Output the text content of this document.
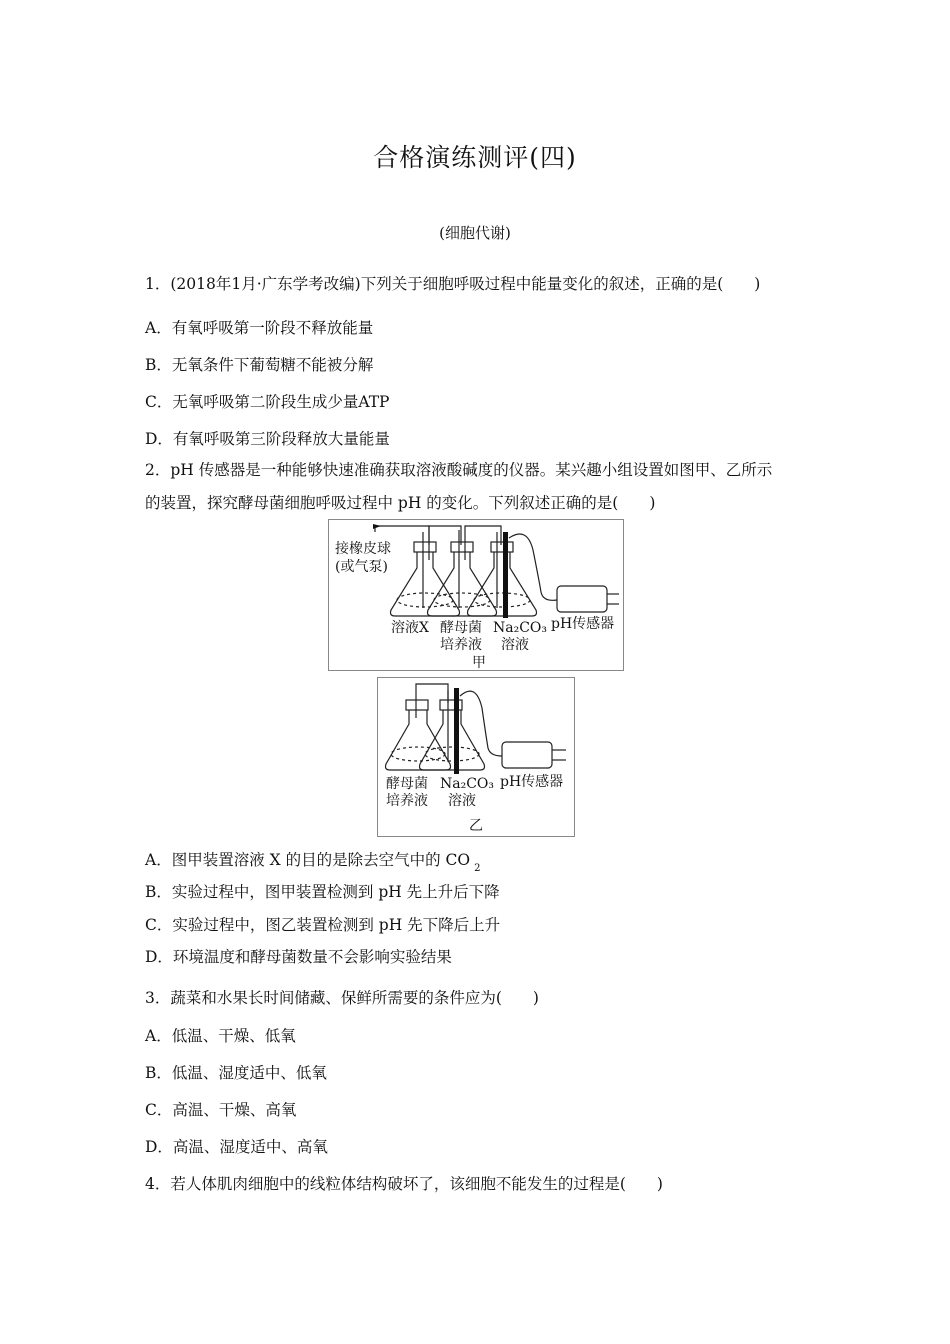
合格演练测评(四)
(细胞代谢)
1．(2018年1月·广东学考改编)下列关于细胞呼吸过程中能量变化的叙述，正确的是(　　)
A．有氧呼吸第一阶段不释放能量
B．无氧条件下葡萄糖不能被分解
C．无氧呼吸第二阶段生成少量ATP
D．有氧呼吸第三阶段释放大量能量
2．pH 传感器是一种能够快速准确获取溶液酸碱度的仪器。某兴趣小组设置如图甲、乙所示
的装置，探究酵母菌细胞呼吸过程中 pH 的变化。下列叙述正确的是(　　)
接橡皮球
(或气泵)
溶液X 酵母菌
培养液
Na₂CO₃
溶液
pH传感器
甲
酵母菌
培养液
Na₂CO₃
溶液
pH传感器
乙
A．图甲装置溶液 X 的目的是除去空气中的 CO $_2$
B．实验过程中，图甲装置检测到 pH 先上升后下降
C．实验过程中，图乙装置检测到 pH 先下降后上升
D．环境温度和酵母菌数量不会影响实验结果
3．蔬菜和水果长时间储藏、保鲜所需要的条件应为(　　)
A．低温、干燥、低氧
B．低温、湿度适中、低氧
C．高温、干燥、高氧
D．高温、湿度适中、高氧
4．若人体肌肉细胞中的线粒体结构破坏了，该细胞不能发生的过程是(　　)
